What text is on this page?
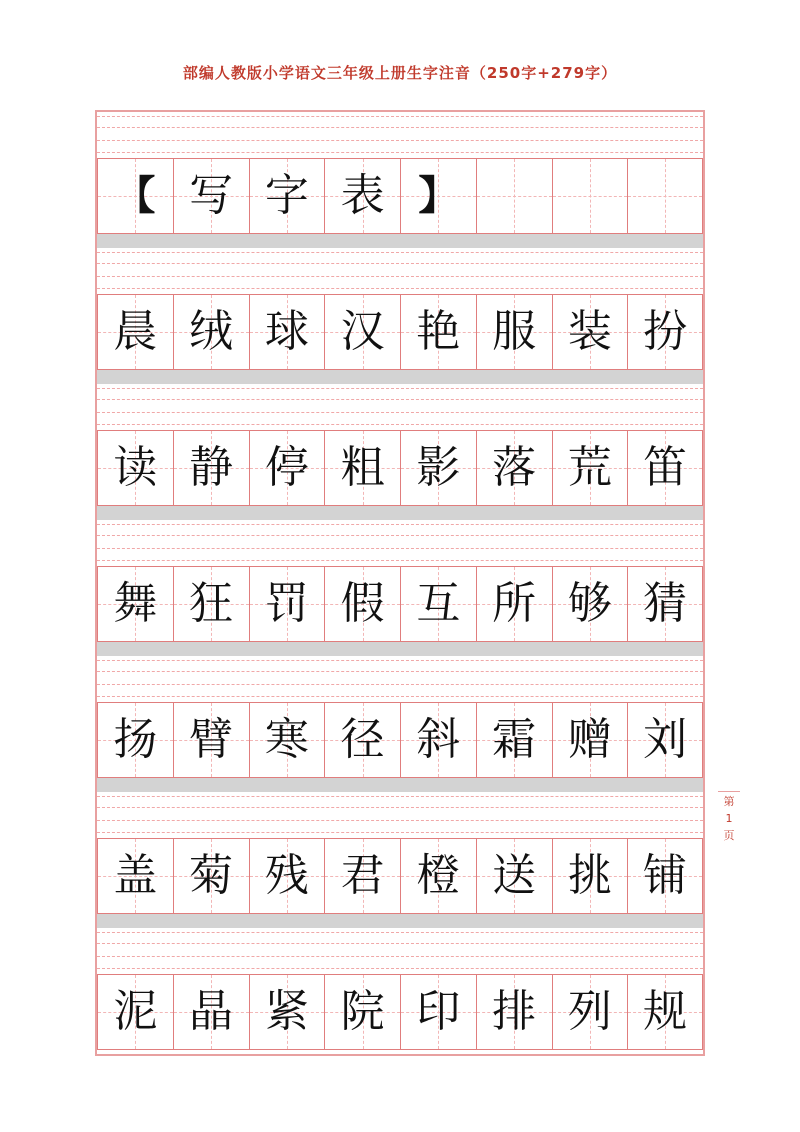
部编人教版小学语文三年级上册生字注音（250字+279字）
【 写 字 表 】
晨 绒 球 汉 艳 服 装 扮
读 静 停 粗 影 落 荒 笛
舞 狂 罚 假 互 所 够 猜
扬 臂 寒 径 斜 霜 赠 刘
盖 菊 残 君 橙 送 挑 铺
泥 晶 紧 院 印 排 列 规
第
1
页
